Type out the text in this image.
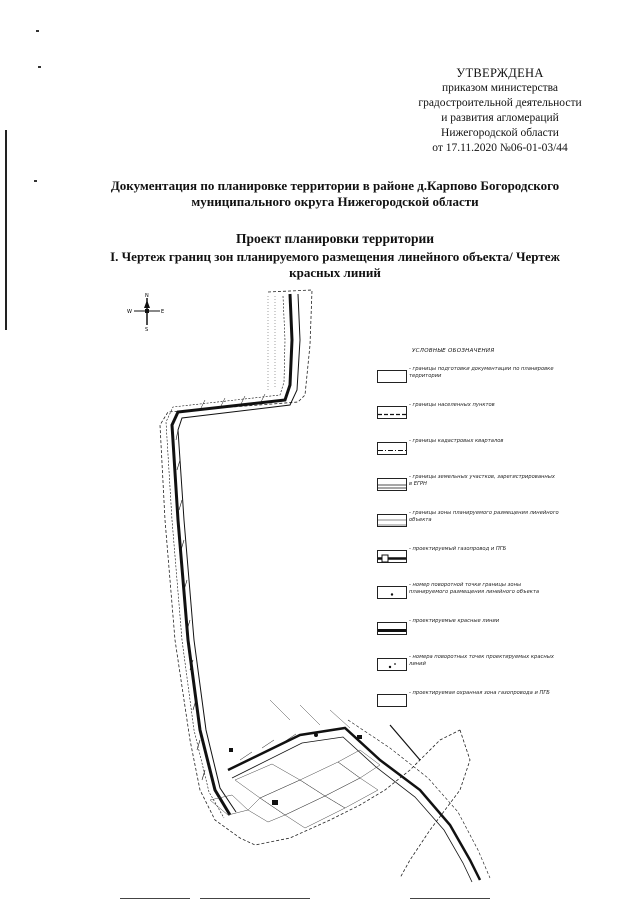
УТВЕРЖДЕНА
приказом министерства
градостроительной деятельности
и развития агломераций
Нижегородской области
от 17.11.2020 №06-01-03/44
Документация по планировке территории в районе д.Карпово Богородского
муниципального округа Нижегородской области
Проект планировки территории
I. Чертеж границ зон планируемого размещения линейного объекта/ Чертеж
красных линий
N
E
W
S
УСЛОВНЫЕ ОБОЗНАЧЕНИЯ
- границы подготовки документации по планировке территории
- границы населенных пунктов
- границы кадастровых кварталов
- границы земельных участков, зарегистрированных в ЕГРН
- границы зоны планируемого размещения линейного объекта
- проектируемый газопровод и ПГБ
- номер поворотной точки границы зоны планируемого размещения линейного объекта
- проектируемые красные линии
- номера поворотных точек проектируемых красных линий
- проектируемая охранная зона газопровода и ПГБ
